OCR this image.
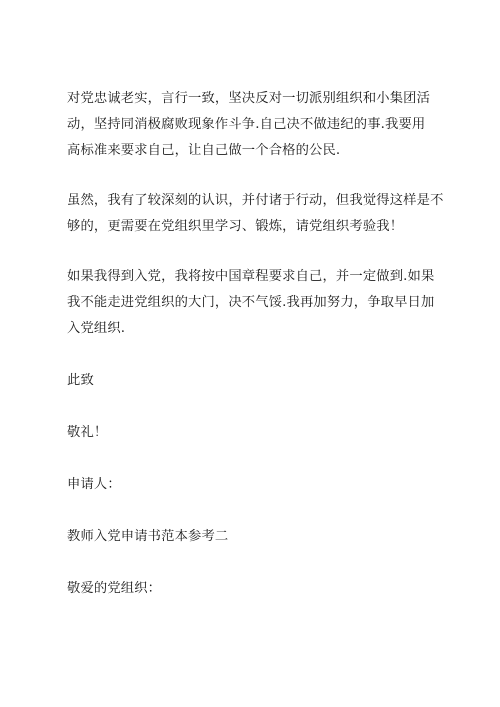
对党忠诚老实，言行一致，坚决反对一切派别组织和小集团活
动，坚持同消极腐败现象作斗争.自己决不做违纪的事.我要用
高标准来要求自己，让自己做一个合格的公民.

虽然，我有了较深刻的认识，并付诸于行动，但我觉得这样是不
够的，更需要在党组织里学习、锻炼，请党组织考验我！

如果我得到入党，我将按中国章程要求自己，并一定做到.如果
我不能走进党组织的大门，决不气馁.我再加努力，争取早日加
入党组织.

此致

敬礼！

申请人：

教师入党申请书范本参考二

敬爱的党组织：
